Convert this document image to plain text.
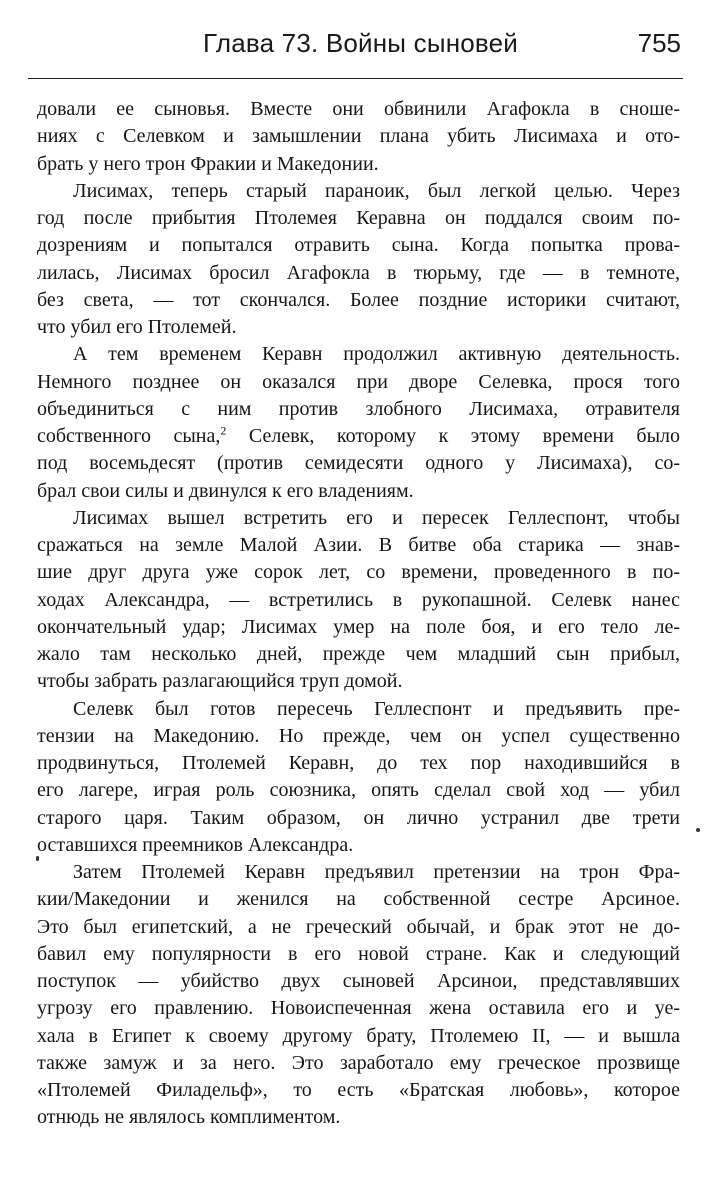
Глава 73. Войны сыновей	755

довали ее сыновья. Вместе они обвинили Агафокла в сноше-
ниях с Селевком и замышлении плана убить Лисимаха и ото-
брать у него трон Фракии и Македонии.

Лисимах, теперь старый параноик, был легкой целью. Через
год после прибытия Птолемея Керавна он поддался своим по-
дозрениям и попытался отравить сына. Когда попытка прова-
лилась, Лисимах бросил Агафокла в тюрьму, где — в темноте,
без света, — тот скончался. Более поздние историки считают,
что убил его Птолемей.

А тем временем Керавн продолжил активную деятельность.
Немного позднее он оказался при дворе Селевка, прося того
объединиться с ним против злобного Лисимаха, отравителя
собственного сына,$^2$ Селевк, которому к этому времени было
под восемьдесят (против семидесяти одного у Лисимаха), со-
брал свои силы и двинулся к его владениям.

Лисимах вышел встретить его и пересек Геллеспонт, чтобы
сражаться на земле Малой Азии. В битве оба старика — знав-
шие друг друга уже сорок лет, со времени, проведенного в по-
ходах Александра, — встретились в рукопашной. Селевк нанес
окончательный удар; Лисимах умер на поле боя, и его тело ле-
жало там несколько дней, прежде чем младший сын прибыл,
чтобы забрать разлагающийся труп домой.

Селевк был готов пересечь Геллеспонт и предъявить пре-
тензии на Македонию. Но прежде, чем он успел существенно
продвинуться, Птолемей Керавн, до тех пор находившийся в
его лагере, играя роль союзника, опять сделал свой ход — убил
старого царя. Таким образом, он лично устранил две трети
оставшихся преемников Александра.

Затем Птолемей Керавн предъявил претензии на трон Фра-
кии/Македонии и женился на собственной сестре Арсиное.
Это был египетский, а не греческий обычай, и брак этот не до-
бавил ему популярности в его новой стране. Как и следующий
поступок — убийство двух сыновей Арсинои, представлявших
угрозу его правлению. Новоиспеченная жена оставила его и уе-
хала в Египет к своему другому брату, Птолемею II, — и вышла
также замуж и за него. Это заработало ему греческое прозвище
«Птолемей Филадельф», то есть «Братская любовь», которое
отнюдь не являлось комплиментом.
